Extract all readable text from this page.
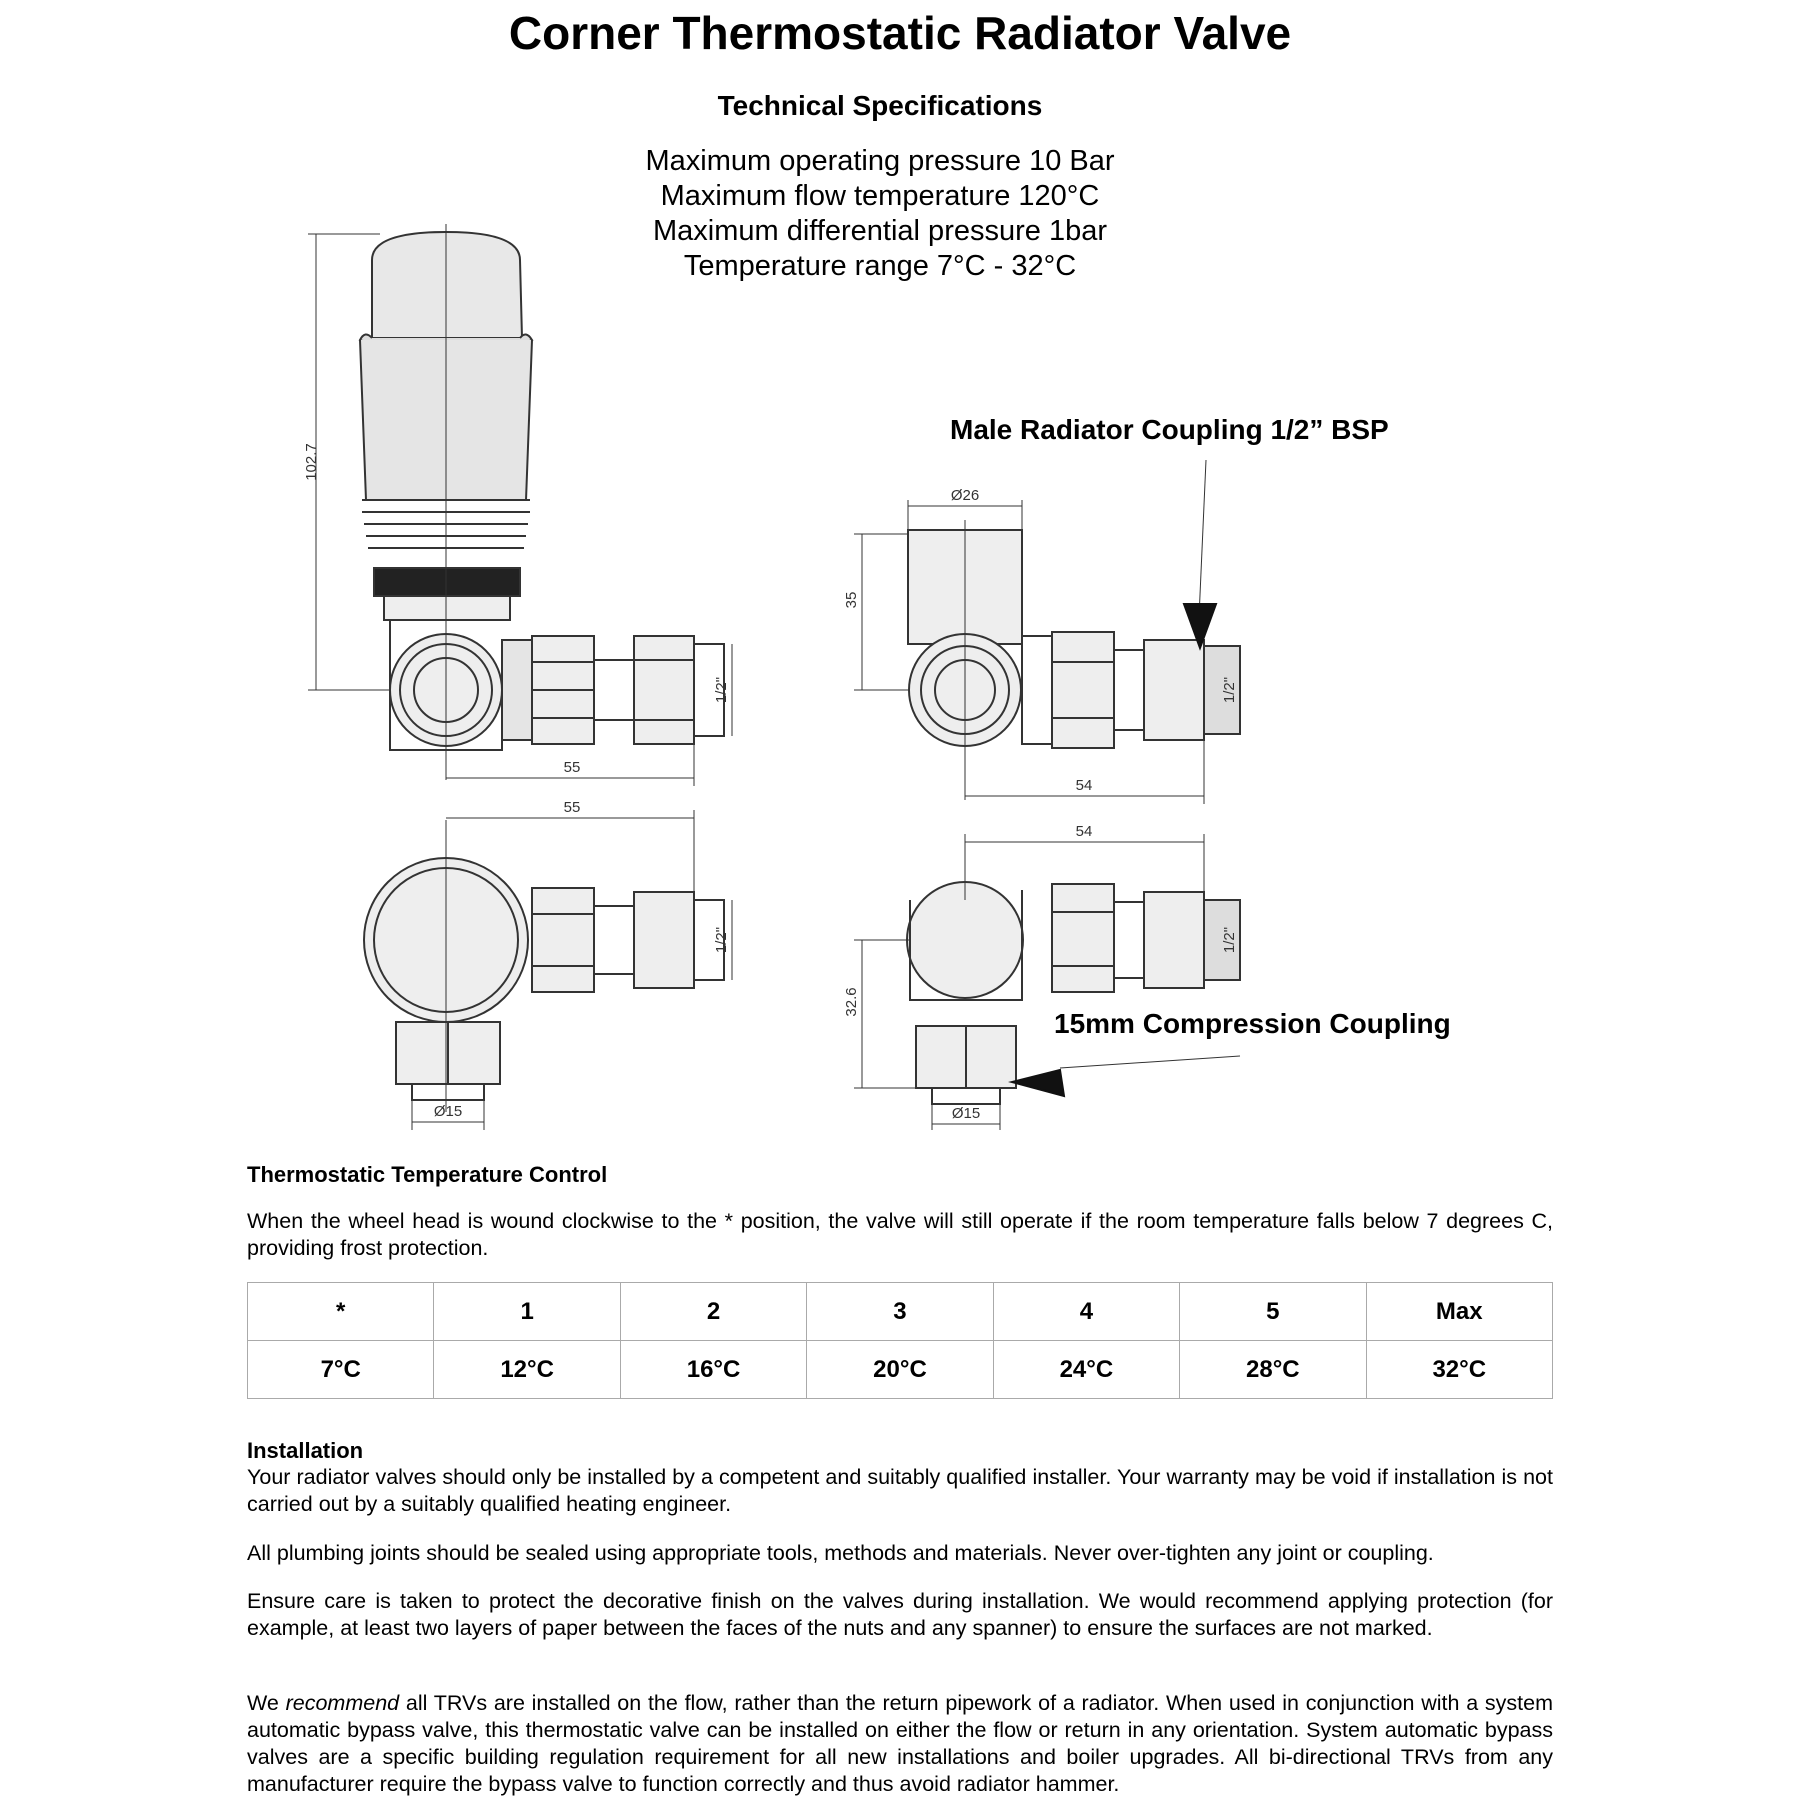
Corner Thermostatic Radiator Valve
Technical Specifications
Maximum operating pressure 10 Bar
Maximum flow temperature 120°C
Maximum differential pressure 1bar
Temperature range 7°C - 32°C
102.7
55
1/2"
Ø26
35
54
1/2"
55
1/2"
Ø15
54
32.6
1/2"
Ø15
Male Radiator Coupling 1/2” BSP
15mm Compression Coupling
Thermostatic Temperature Control
When the wheel head is wound clockwise to the * position, the valve will still operate if the room temperature falls below 7 degrees C, providing frost protection.
*	1	2	3	4	5	Max
7°C	12°C	16°C	20°C	24°C	28°C	32°C
Installation
Your radiator valves should only be installed by a competent and suitably qualified installer. Your warranty may be void if installation is not carried out by a suitably qualified heating engineer.
All plumbing joints should be sealed using appropriate tools, methods and materials. Never over-tighten any joint or coupling.
Ensure care is taken to protect the decorative finish on the valves during installation. We would recommend applying protection (for example, at least two layers of paper between the faces of the nuts and any spanner) to ensure the surfaces are not marked.
We recommend all TRVs are installed on the flow, rather than the return pipework of a radiator. When used in conjunction with a system automatic bypass valve, this thermostatic valve can be installed on either the flow or return in any orientation. System automatic bypass valves are a specific building regulation requirement for all new installations and boiler upgrades. All bi-directional TRVs from any manufacturer require the bypass valve to function correctly and thus avoid radiator hammer.
